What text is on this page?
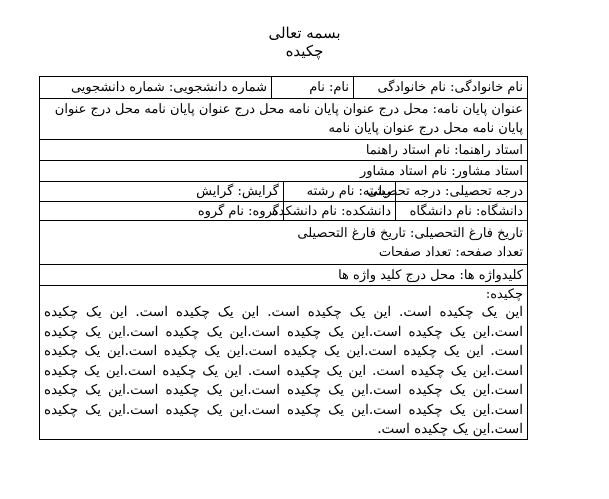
بسمه تعالی
چکیده
نام خانوادگی: نام خانوادگی
نام: نام
شماره دانشجویی: شماره دانشجویی
عنوان پایان نامه: محل درج عنوان پایان نامه محل درج عنوان پایان نامه محل درج عنوان پایان نامه محل درج عنوان پایان نامه
استاد راهنما: نام استاد راهنما
استاد مشاور: نام استاد مشاور
درجه تحصیلی: درجه تحصیلی
رشته: نام رشته
گرایش: گرایش
دانشگاه: نام دانشگاه
دانشکده: نام دانشکده
گروه: نام گروه
تاریخ فارغ التحصیلی: تاریخ فارغ التحصیلی
تعداد صفحه: تعداد صفحات
کلیدواژه ها: محل درج کلید واژه ها
چکیده:
این یک چکیده است. این یک چکیده است. این یک چکیده است. این یک چکیده است.این یک چکیده است.این یک چکیده است.این یک چکیده است.این یک چکیده است. این یک چکیده است.این یک چکیده است.این یک چکیده است.این یک چکیده است.این یک چکیده است. این یک چکیده است. این یک چکیده است.این یک چکیده است.این یک چکیده است.این یک چکیده است.این یک چکیده است.این یک چکیده است.این یک چکیده است.این یک چکیده است.این یک چکیده است.این یک چکیده است.این یک چکیده است.
